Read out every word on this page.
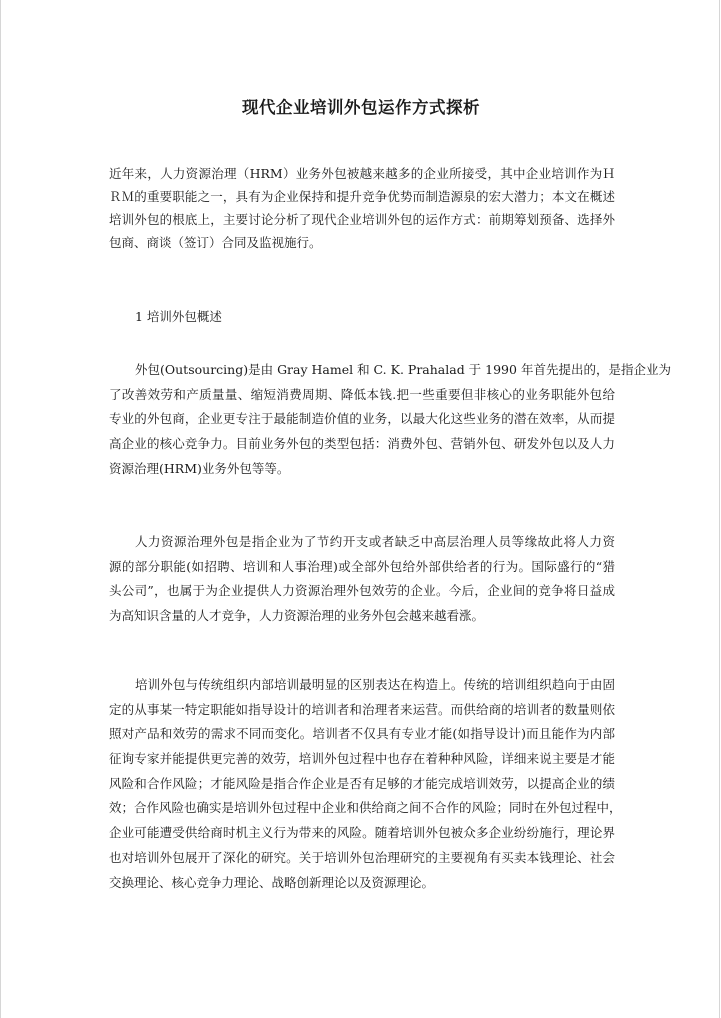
现代企业培训外包运作方式探析
近年来，人力资源治理（HRM）业务外包被越来越多的企业所接受，其中企业培训作为Ｈ
ＲＭ的重要职能之一，具有为企业保持和提升竞争优势而制造源泉的宏大潜力；本文在概述
培训外包的根底上，主要讨论分析了现代企业培训外包的运作方式：前期筹划预备、选择外
包商、商谈（签订）合同及监视施行。

1 培训外包概述

外包(Outsourcing)是由 Gray Hamel 和 C. K. Prahalad 于 1990 年首先提出的，是指企业为
了改善效劳和产质量量、缩短消费周期、降低本钱.把一些重要但非核心的业务职能外包给
专业的外包商，企业更专注于最能制造价值的业务，以最大化这些业务的潜在效率，从而提
高企业的核心竞争力。目前业务外包的类型包括：消费外包、营销外包、研发外包以及人力
资源治理(HRM)业务外包等等。
人力资源治理外包是指企业为了节约开支或者缺乏中高层治理人员等缘故此将人力资
源的部分职能(如招聘、培训和人事治理)或全部外包给外部供给者的行为。国际盛行的“猎
头公司”，也属于为企业提供人力资源治理外包效劳的企业。今后，企业间的竞争将日益成
为高知识含量的人才竞争，人力资源治理的业务外包会越来越看涨。
培训外包与传统组织内部培训最明显的区别表达在构造上。传统的培训组织趋向于由固
定的从事某一特定职能如指导设计的培训者和治理者来运营。而供给商的培训者的数量则依
照对产品和效劳的需求不同而变化。培训者不仅具有专业才能(如指导设计)而且能作为内部
征询专家并能提供更完善的效劳，培训外包过程中也存在着种种风险，详细来说主要是才能
风险和合作风险；才能风险是指合作企业是否有足够的才能完成培训效劳，以提高企业的绩
效；合作风险也确实是培训外包过程中企业和供给商之间不合作的风险；同时在外包过程中，
企业可能遭受供给商时机主义行为带来的风险。随着培训外包被众多企业纷纷施行，理论界
也对培训外包展开了深化的研究。关于培训外包治理研究的主要视角有买卖本钱理论、社会
交换理论、核心竞争力理论、战略创新理论以及资源理论。
